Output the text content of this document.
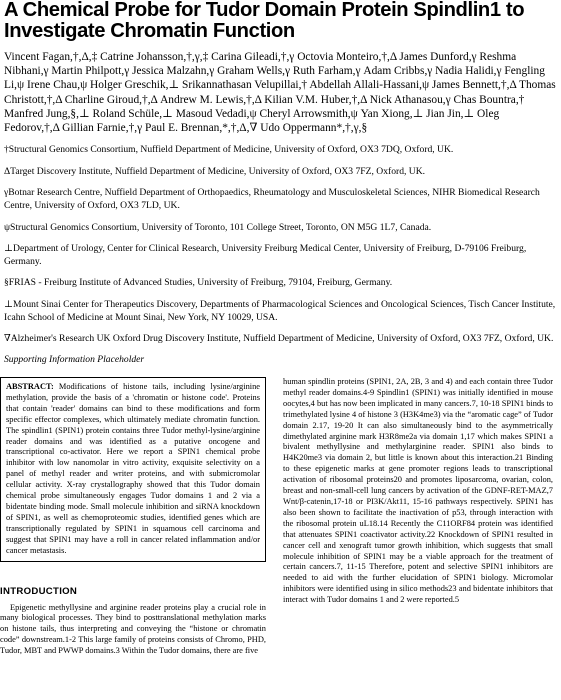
A Chemical Probe for Tudor Domain Protein Spindlin1 to Investigate Chromatin Function

Vincent Fagan,†,Δ,‡ Catrine Johansson,†,γ,‡ Carina Gileadi,†,γ Octovia Monteiro,†,Δ James Dunford,γ Reshma Nibhani,γ Martin Philpott,γ Jessica Malzahn,γ Graham Wells,γ Ruth Farham,γ Adam Cribbs,γ Nadia Halidi,γ Fengling Li,ψ Irene Chau,ψ Holger Greschik,⊥ Srikannathasan Velupillai,† Abdellah Allali-Hassani,ψ James Bennett,†,Δ Thomas Christott,†,Δ Charline Giroud,†,Δ Andrew M. Lewis,†,Δ Kilian V.M. Huber,†,Δ Nick Athanasou,γ Chas Bountra,† Manfred Jung,§,⊥ Roland Schüle,⊥ Masoud Vedadi,ψ Cheryl Arrowsmith,ψ Yan Xiong,⊥ Jian Jin,⊥ Oleg Fedorov,†,Δ Gillian Farnie,†,γ Paul E. Brennan,*,†,Δ,∇ Udo Oppermann*,†,γ,§

†Structural Genomics Consortium, Nuffield Department of Medicine, University of Oxford, OX3 7DQ, Oxford, UK.

ΔTarget Discovery Institute, Nuffield Department of Medicine, University of Oxford, OX3 7FZ, Oxford, UK.

γBotnar Research Centre, Nuffield Department of Orthopaedics, Rheumatology and Musculoskeletal Sciences, NIHR Biomedical Research Centre, University of Oxford, OX3 7LD, UK.

ψStructural Genomics Consortium, University of Toronto, 101 College Street, Toronto, ON M5G 1L7, Canada.

⊥Department of Urology, Center for Clinical Research, University Freiburg Medical Center, University of Freiburg, D-79106 Freiburg, Germany.

§FRIAS - Freiburg Institute of Advanced Studies, University of Freiburg, 79104, Freiburg, Germany.

⊥Mount Sinai Center for Therapeutics Discovery, Departments of Pharmacological Sciences and Oncological Sciences, Tisch Cancer Institute, Icahn School of Medicine at Mount Sinai, New York, NY 10029, USA.

∇Alzheimer's Research UK Oxford Drug Discovery Institute, Nuffield Department of Medicine, University of Oxford, OX3 7FZ, Oxford, UK.

Supporting Information Placeholder

ABSTRACT: Modifications of histone tails, including lysine/arginine methylation, provide the basis of a 'chromatin or histone code'. Proteins that contain 'reader' domains can bind to these modifications and form specific effector complexes, which ultimately mediate chromatin function. The spindlin1 (SPIN1) protein contains three Tudor methyl-lysine/arginine reader domains and was identified as a putative oncogene and transcriptional co-activator. Here we report a SPIN1 chemical probe inhibitor with low nanomolar in vitro activity, exquisite selectivity on a panel of methyl reader and writer proteins, and with submicromolar cellular activity. X-ray crystallography showed that this Tudor domain chemical probe simultaneously engages Tudor domains 1 and 2 via a bidentate binding mode. Small molecule inhibition and siRNA knockdown of SPIN1, as well as chemoproteomic studies, identified genes which are transcriptionally regulated by SPIN1 in squamous cell carcinoma and suggest that SPIN1 may have a roll in cancer related inflammation and/or cancer metastasis.
INTRODUCTION

Epigenetic methyllysine and arginine reader proteins play a crucial role in many biological processes. They bind to posttranslational methylation marks on histone tails, thus interpreting and conveying the “histone or chromatin code” downstream.1-2 This large family of proteins consists of Chromo, PHD, Tudor, MBT and PWWP domains.3 Within the Tudor domains, there are five

human spindlin proteins (SPIN1, 2A, 2B, 3 and 4) and each contain three Tudor methyl reader domains.4-9 Spindlin1 (SPIN1) was initially identified in mouse oocytes,4 but has now been implicated in many cancers.7, 10-18 SPIN1 binds to trimethylated lysine 4 of histone 3 (H3K4me3) via the “aromatic cage” of Tudor domain 2.17, 19-20 It can also simultaneously bind to the asymmetrically dimethylated arginine mark H3R8me2a via domain 1,17 which makes SPIN1 a bivalent methyllysine and methylarginine reader. SPIN1 also binds to H4K20me3 via domain 2, but little is known about this interaction.21 Binding to these epigenetic marks at gene promoter regions leads to transcriptional activation of ribosomal proteins20 and promotes liposarcoma, ovarian, colon, breast and non-small-cell lung cancers by activation of the GDNF-RET-MAZ,7 Wnt/β-catenin,17-18 or PI3K/Akt11, 15-16 pathways respectively. SPIN1 has also been shown to facilitate the inactivation of p53, through interaction with the ribosomal protein uL18.14 Recently the C11ORF84 protein was identified that attenuates SPIN1 coactivator activity.22 Knockdown of SPIN1 resulted in cancer cell and xenograft tumor growth inhibition, which suggests that small molecule inhibition of SPIN1 may be a viable approach for the treatment of certain cancers.7, 11-15 Therefore, potent and selective SPIN1 inhibitors are needed to aid with the further elucidation of SPIN1 biology. Micromolar inhibitors were identified using in silico methods23 and bidentate inhibitors that interact with Tudor domains 1 and 2 were reported.5
